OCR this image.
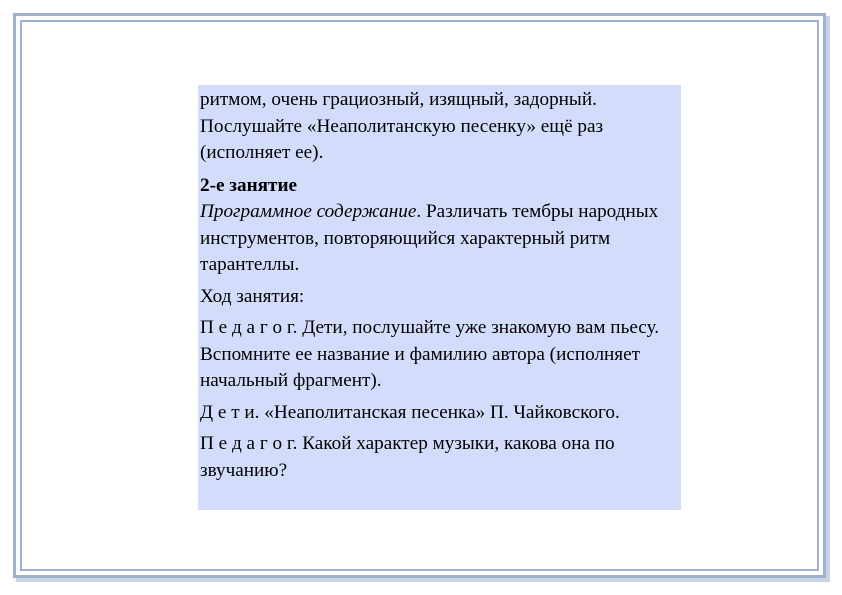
ритмом, очень грациозный, изящный, задорный. Послушайте «Неаполитанскую песенку» ещё раз (исполняет ее).

2-е занятие
Программное содержание. Различать тембры народных инструментов, повторяющийся характерный ритм тарантеллы.

Ход занятия:

П е д а г о г. Дети, послушайте уже знакомую вам пьесу. Вспомните ее название и фамилию автора (исполняет начальный фрагмент).

Д е т и. «Неаполитанская песенка» П. Чайковского.

П е д а г о г. Какой характер музыки, какова она по звучанию?
